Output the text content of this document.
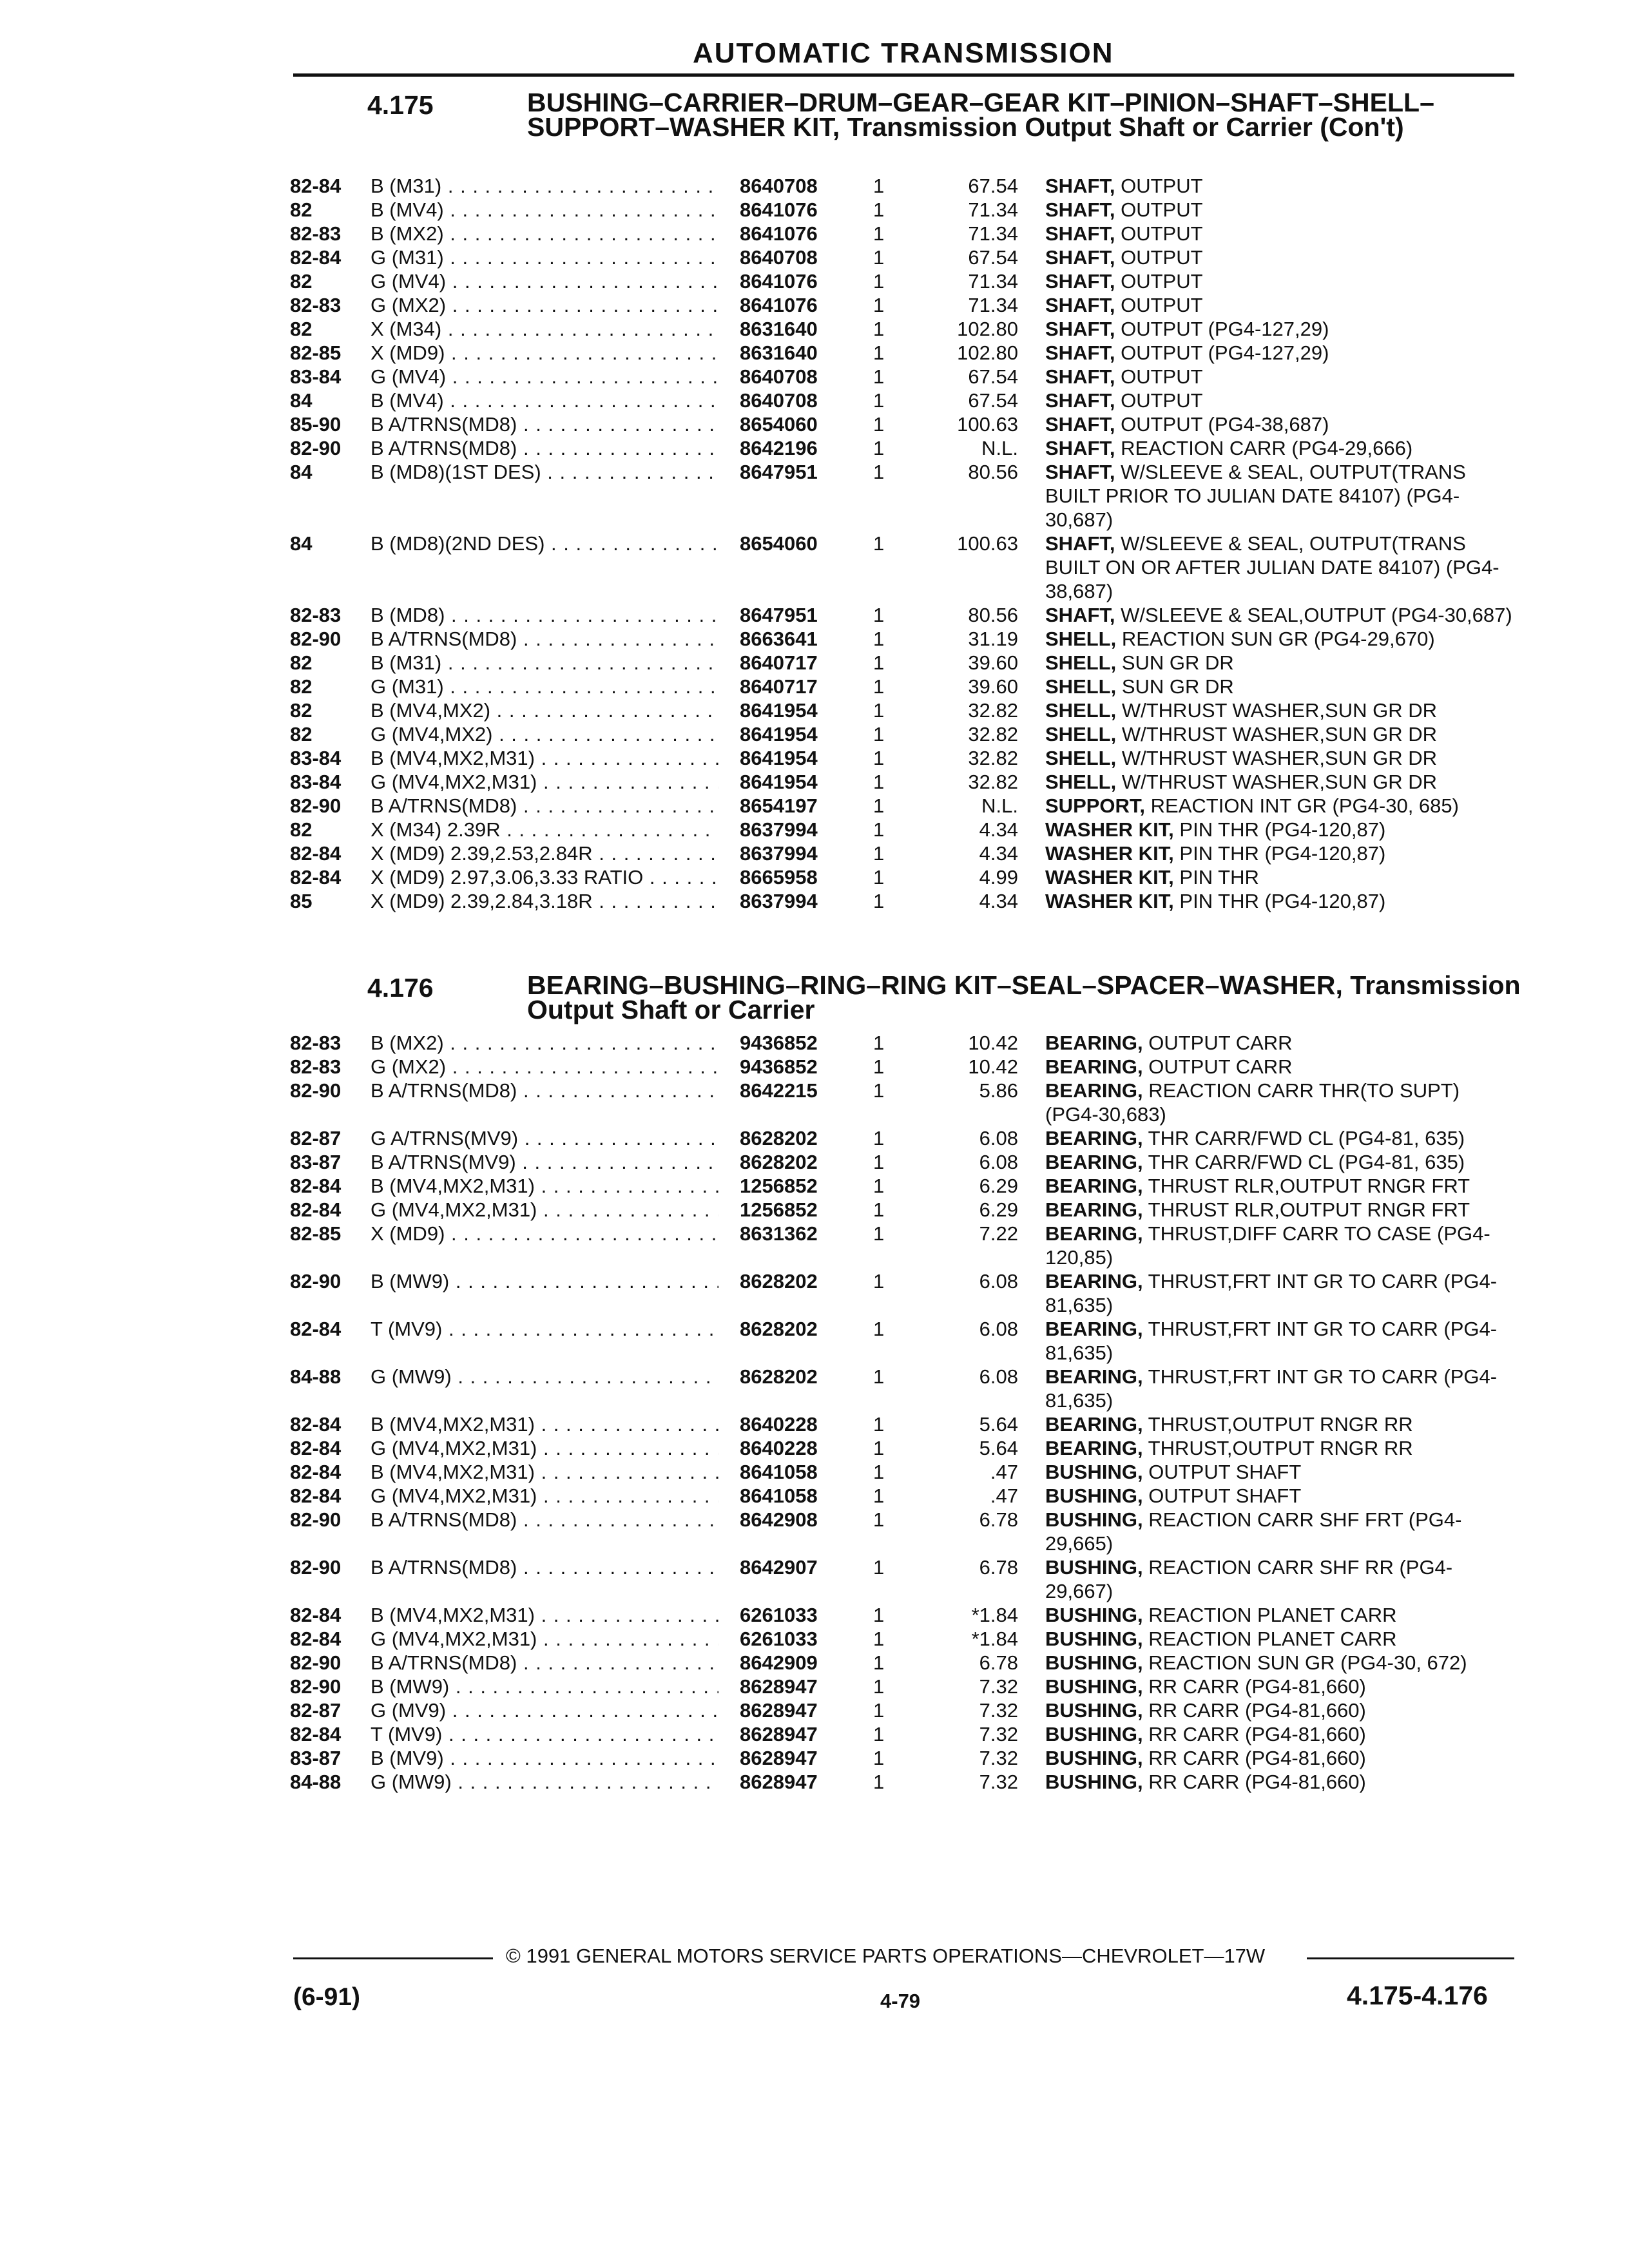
AUTOMATIC TRANSMISSION
4.175	BUSHING–CARRIER–DRUM–GEAR–GEAR KIT–PINION–SHAFT–SHELL–SUPPORT–WASHER KIT, Transmission Output Shaft or Carrier (Con't)
82-84	B (M31) . . .	8640708	1	67.54 SHAFT, OUTPUT
82	B (MV4) . . .	8641076	1	71.34 SHAFT, OUTPUT
82-83	B (MX2) . . .	8641076	1	71.34 SHAFT, OUTPUT
82-84	G (M31) . . .	8640708	1	67.54 SHAFT, OUTPUT
82	G (MV4) . . .	8641076	1	71.34 SHAFT, OUTPUT
82-83	G (MX2) . . .	8641076	1	71.34 SHAFT, OUTPUT
82	X (M34) . . .	8631640	1	102.80 SHAFT, OUTPUT (PG4-127,29)
82-85	X (MD9) . . .	8631640	1	102.80 SHAFT, OUTPUT (PG4-127,29)
83-84	G (MV4) . . .	8640708	1	67.54 SHAFT, OUTPUT
84	B (MV4) . . .	8640708	1	67.54 SHAFT, OUTPUT
85-90	B A/TRNS(MD8) . . .	8654060	1	100.63 SHAFT, OUTPUT (PG4-38,687)
82-90	B A/TRNS(MD8) . . .	8642196	1	N.L. SHAFT, REACTION CARR (PG4-29,666)
84	B (MD8)(1ST DES) . . .	8647951	1	80.56 SHAFT, W/SLEEVE & SEAL, OUTPUT(TRANS BUILT PRIOR TO JULIAN DATE 84107) (PG4-30,687)
84	B (MD8)(2ND DES) . . .	8654060	1	100.63 SHAFT, W/SLEEVE & SEAL, OUTPUT(TRANS BUILT ON OR AFTER JULIAN DATE 84107) (PG4-38,687)
82-83	B (MD8) . . .	8647951	1	80.56 SHAFT, W/SLEEVE & SEAL,OUTPUT (PG4-30,687)
82-90	B A/TRNS(MD8) . . .	8663641	1	31.19 SHELL, REACTION SUN GR (PG4-29,670)
82	B (M31) . . .	8640717	1	39.60 SHELL, SUN GR DR
82	G (M31) . . .	8640717	1	39.60 SHELL, SUN GR DR
82	B (MV4,MX2) . . .	8641954	1	32.82 SHELL, W/THRUST WASHER,SUN GR DR
82	G (MV4,MX2) . . .	8641954	1	32.82 SHELL, W/THRUST WASHER,SUN GR DR
83-84	B (MV4,MX2,M31) . . .	8641954	1	32.82 SHELL, W/THRUST WASHER,SUN GR DR
83-84	G (MV4,MX2,M31) . . .	8641954	1	32.82 SHELL, W/THRUST WASHER,SUN GR DR
82-90	B A/TRNS(MD8) . . .	8654197	1	N.L. SUPPORT, REACTION INT GR (PG4-30, 685)
82	X (M34) 2.39R . . .	8637994	1	4.34 WASHER KIT, PIN THR (PG4-120,87)
82-84	X (MD9) 2.39,2.53,2.84R . . .	8637994	1	4.34 WASHER KIT, PIN THR (PG4-120,87)
82-84	X (MD9) 2.97,3.06,3.33 RATIO . . .	8665958	1	4.99 WASHER KIT, PIN THR
85	X (MD9) 2.39,2.84,3.18R . . .	8637994	1	4.34 WASHER KIT, PIN THR (PG4-120,87)
4.176	BEARING–BUSHING–RING–RING KIT–SEAL–SPACER–WASHER, Transmission Output Shaft or Carrier
82-83	B (MX2) . . .	9436852	1	10.42 BEARING, OUTPUT CARR
82-83	G (MX2) . . .	9436852	1	10.42 BEARING, OUTPUT CARR
82-90	B A/TRNS(MD8) . . .	8642215	1	5.86 BEARING, REACTION CARR THR(TO SUPT) (PG4-30,683)
82-87	G A/TRNS(MV9) . . .	8628202	1	6.08 BEARING, THR CARR/FWD CL (PG4-81, 635)
83-87	B A/TRNS(MV9) . . .	8628202	1	6.08 BEARING, THR CARR/FWD CL (PG4-81, 635)
82-84	B (MV4,MX2,M31) . . .	1256852	1	6.29 BEARING, THRUST RLR,OUTPUT RNGR FRT
82-84	G (MV4,MX2,M31) . . .	1256852	1	6.29 BEARING, THRUST RLR,OUTPUT RNGR FRT
82-85	X (MD9) . . .	8631362	1	7.22 BEARING, THRUST,DIFF CARR TO CASE (PG4-120,85)
82-90	B (MW9) . . .	8628202	1	6.08 BEARING, THRUST,FRT INT GR TO CARR (PG4-81,635)
82-84	T (MV9) . . .	8628202	1	6.08 BEARING, THRUST,FRT INT GR TO CARR (PG4-81,635)
84-88	G (MW9) . . .	8628202	1	6.08 BEARING, THRUST,FRT INT GR TO CARR (PG4-81,635)
82-84	B (MV4,MX2,M31) . . .	8640228	1	5.64 BEARING, THRUST,OUTPUT RNGR RR
82-84	G (MV4,MX2,M31) . . .	8640228	1	5.64 BEARING, THRUST,OUTPUT RNGR RR
82-84	B (MV4,MX2,M31) . . .	8641058	1	.47 BUSHING, OUTPUT SHAFT
82-84	G (MV4,MX2,M31) . . .	8641058	1	.47 BUSHING, OUTPUT SHAFT
82-90	B A/TRNS(MD8) . . .	8642908	1	6.78 BUSHING, REACTION CARR SHF FRT (PG4-29,665)
82-90	B A/TRNS(MD8) . . .	8642907	1	6.78 BUSHING, REACTION CARR SHF RR (PG4-29,667)
82-84	B (MV4,MX2,M31) . . .	6261033	1	*1.84 BUSHING, REACTION PLANET CARR
82-84	G (MV4,MX2,M31) . . .	6261033	1	*1.84 BUSHING, REACTION PLANET CARR
82-90	B A/TRNS(MD8) . . .	8642909	1	6.78 BUSHING, REACTION SUN GR (PG4-30, 672)
82-90	B (MW9) . . .	8628947	1	7.32 BUSHING, RR CARR (PG4-81,660)
82-87	G (MV9) . . .	8628947	1	7.32 BUSHING, RR CARR (PG4-81,660)
82-84	T (MV9) . . .	8628947	1	7.32 BUSHING, RR CARR (PG4-81,660)
83-87	B (MV9) . . .	8628947	1	7.32 BUSHING, RR CARR (PG4-81,660)
84-88	G (MW9) . . .	8628947	1	7.32 BUSHING, RR CARR (PG4-81,660)
© 1991 GENERAL MOTORS SERVICE PARTS OPERATIONS—CHEVROLET—17W
(6-91)	4-79	4.175-4.176
